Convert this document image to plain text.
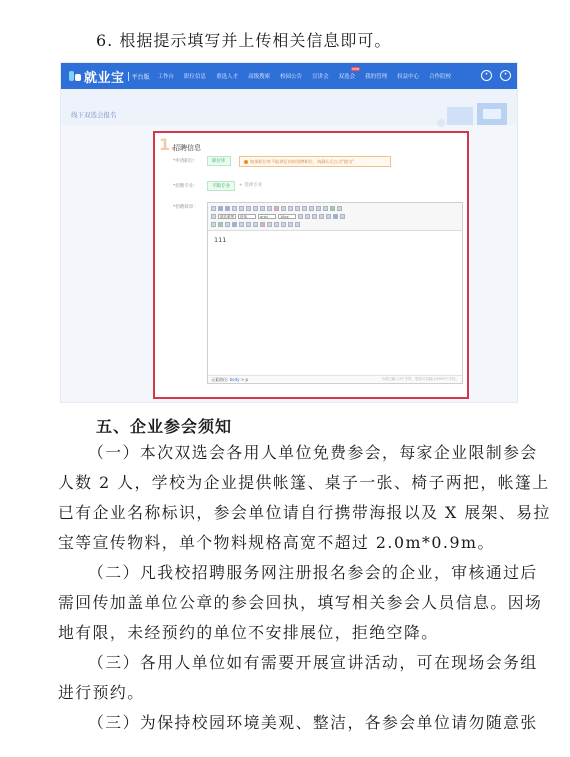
6. 根据提示填写并上传相关信息即可。
就业宝	平台版 工作台 职位信息 重选人才 高级搜索 校园公告 宣讲会 双选会
new
我的管理 权益中心 合作院校	•	•
线下双选会报名
1.
招聘信息
*申请职位：	职位库	如果职位库不能满足你的招聘职位，请确认后点击"提交"
*招聘专业：	不限专业	+ 选择专业
*招聘简章：
微软雅黑	段落	arial	16px
111
元素路径: body > p	当前已输入3个字符，您还可以输入9997个字符。
五、企业参会须知
（一）本次双选会各用人单位免费参会，每家企业限制参会
人数 2 人，学校为企业提供帐篷、桌子一张、椅子两把，帐篷上
已有企业名称标识，参会单位请自行携带海报以及 X 展架、易拉
宝等宣传物料，单个物料规格高宽不超过 2.0m*0.9m。
（二）凡我校招聘服务网注册报名参会的企业，审核通过后
需回传加盖单位公章的参会回执，填写相关参会人员信息。因场
地有限，未经预约的单位不安排展位，拒绝空降。
（三）各用人单位如有需要开展宣讲活动，可在现场会务组
进行预约。
（三）为保持校园环境美观、整洁，各参会单位请勿随意张
